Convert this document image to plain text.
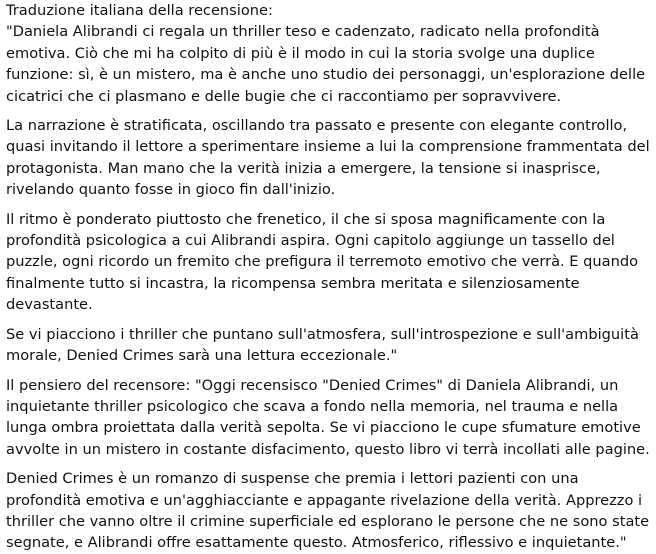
Traduzione italiana della recensione:
"Daniela Alibrandi ci regala un thriller teso e cadenzato, radicato nella profondità emotiva. Ciò che mi ha colpito di più è il modo in cui la storia svolge una duplice funzione: sì, è un mistero, ma è anche uno studio dei personaggi, un'esplorazione delle cicatrici che ci plasmano e delle bugie che ci raccontiamo per sopravvivere.

La narrazione è stratificata, oscillando tra passato e presente con elegante controllo, quasi invitando il lettore a sperimentare insieme a lui la comprensione frammentata del protagonista. Man mano che la verità inizia a emergere, la tensione si inasprisce, rivelando quanto fosse in gioco fin dall'inizio.

Il ritmo è ponderato piuttosto che frenetico, il che si sposa magnificamente con la profondità psicologica a cui Alibrandi aspira. Ogni capitolo aggiunge un tassello del puzzle, ogni ricordo un fremito che prefigura il terremoto emotivo che verrà. E quando finalmente tutto si incastra, la ricompensa sembra meritata e silenziosamente devastante.

Se vi piacciono i thriller che puntano sull'atmosfera, sull'introspezione e sull'ambiguità morale, Denied Crimes sarà una lettura eccezionale."

Il pensiero del recensore: "Oggi recensisco "Denied Crimes" di Daniela Alibrandi, un inquietante thriller psicologico che scava a fondo nella memoria, nel trauma e nella lunga ombra proiettata dalla verità sepolta. Se vi piacciono le cupe sfumature emotive avvolte in un mistero in costante disfacimento, questo libro vi terrà incollati alle pagine.

Denied Crimes è un romanzo di suspense che premia i lettori pazienti con una profondità emotiva e un'agghiacciante e appagante rivelazione della verità. Apprezzo i thriller che vanno oltre il crimine superficiale ed esplorano le persone che ne sono state segnate, e Alibrandi offre esattamente questo. Atmosferico, riflessivo e inquietante."
